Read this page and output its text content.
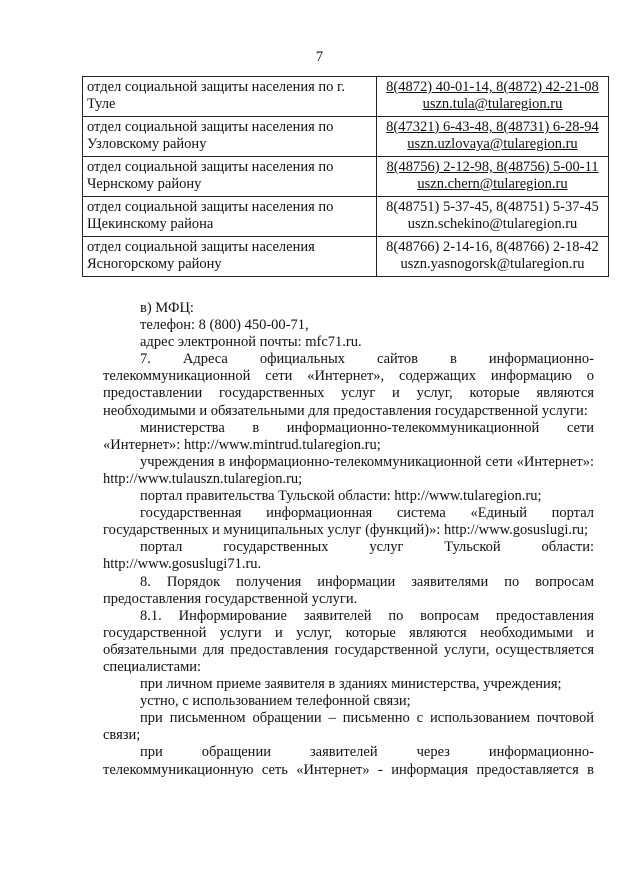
7
отдел социальной защиты населения по г. Туле	8(4872) 40-01-14, 8(4872) 42-21-08
uszn.tula@tularegion.ru

отдел социальной защиты населения по Узловскому району	8(47321) 6-43-48, 8(48731) 6-28-94
uszn.uzlovaya@tularegion.ru

отдел социальной защиты населения по Чернскому району	8(48756) 2-12-98, 8(48756) 5-00-11
uszn.chern@tularegion.ru

отдел социальной защиты населения по Щекинскому района	8(48751) 5-37-45, 8(48751) 5-37-45
uszn.schekino@tularegion.ru

отдел социальной защиты населения Ясногорскому району	8(48766) 2-14-16, 8(48766) 2-18-42
uszn.yasnogorsk@tularegion.ru

в) МФЦ:

телефон: 8 (800) 450-00-71,

адрес электронной почты: mfc71.ru.

7. Адреса официальных сайтов в информационно-телекоммуникационной сети «Интернет», содержащих информацию о предоставлении государственных услуг и услуг, которые являются необходимыми и обязательными для предоставления государственной услуги:

министерства в информационно-телекоммуникационной сети «Интернет»: http://www.mintrud.tularegion.ru;

учреждения в информационно-телекоммуникационной сети «Интернет»: http://www.tulauszn.tularegion.ru;

портал правительства Тульской области: http://www.tularegion.ru;

государственная информационная система «Единый портал государственных и муниципальных услуг (функций)»: http://www.gosuslugi.ru;

портал государственных услуг Тульской области: http://www.gosuslugi71.ru.

8. Порядок получения информации заявителями по вопросам предоставления государственной услуги.

8.1. Информирование заявителей по вопросам предоставления государственной услуги и услуг, которые являются необходимыми и обязательными для предоставления государственной услуги, осуществляется специалистами:

при личном приеме заявителя в зданиях министерства, учреждения;

устно, с использованием телефонной связи;

при письменном обращении – письменно с использованием почтовой связи;

при обращении заявителей через информационно-телекоммуникационную сеть «Интернет» - информация предоставляется в
